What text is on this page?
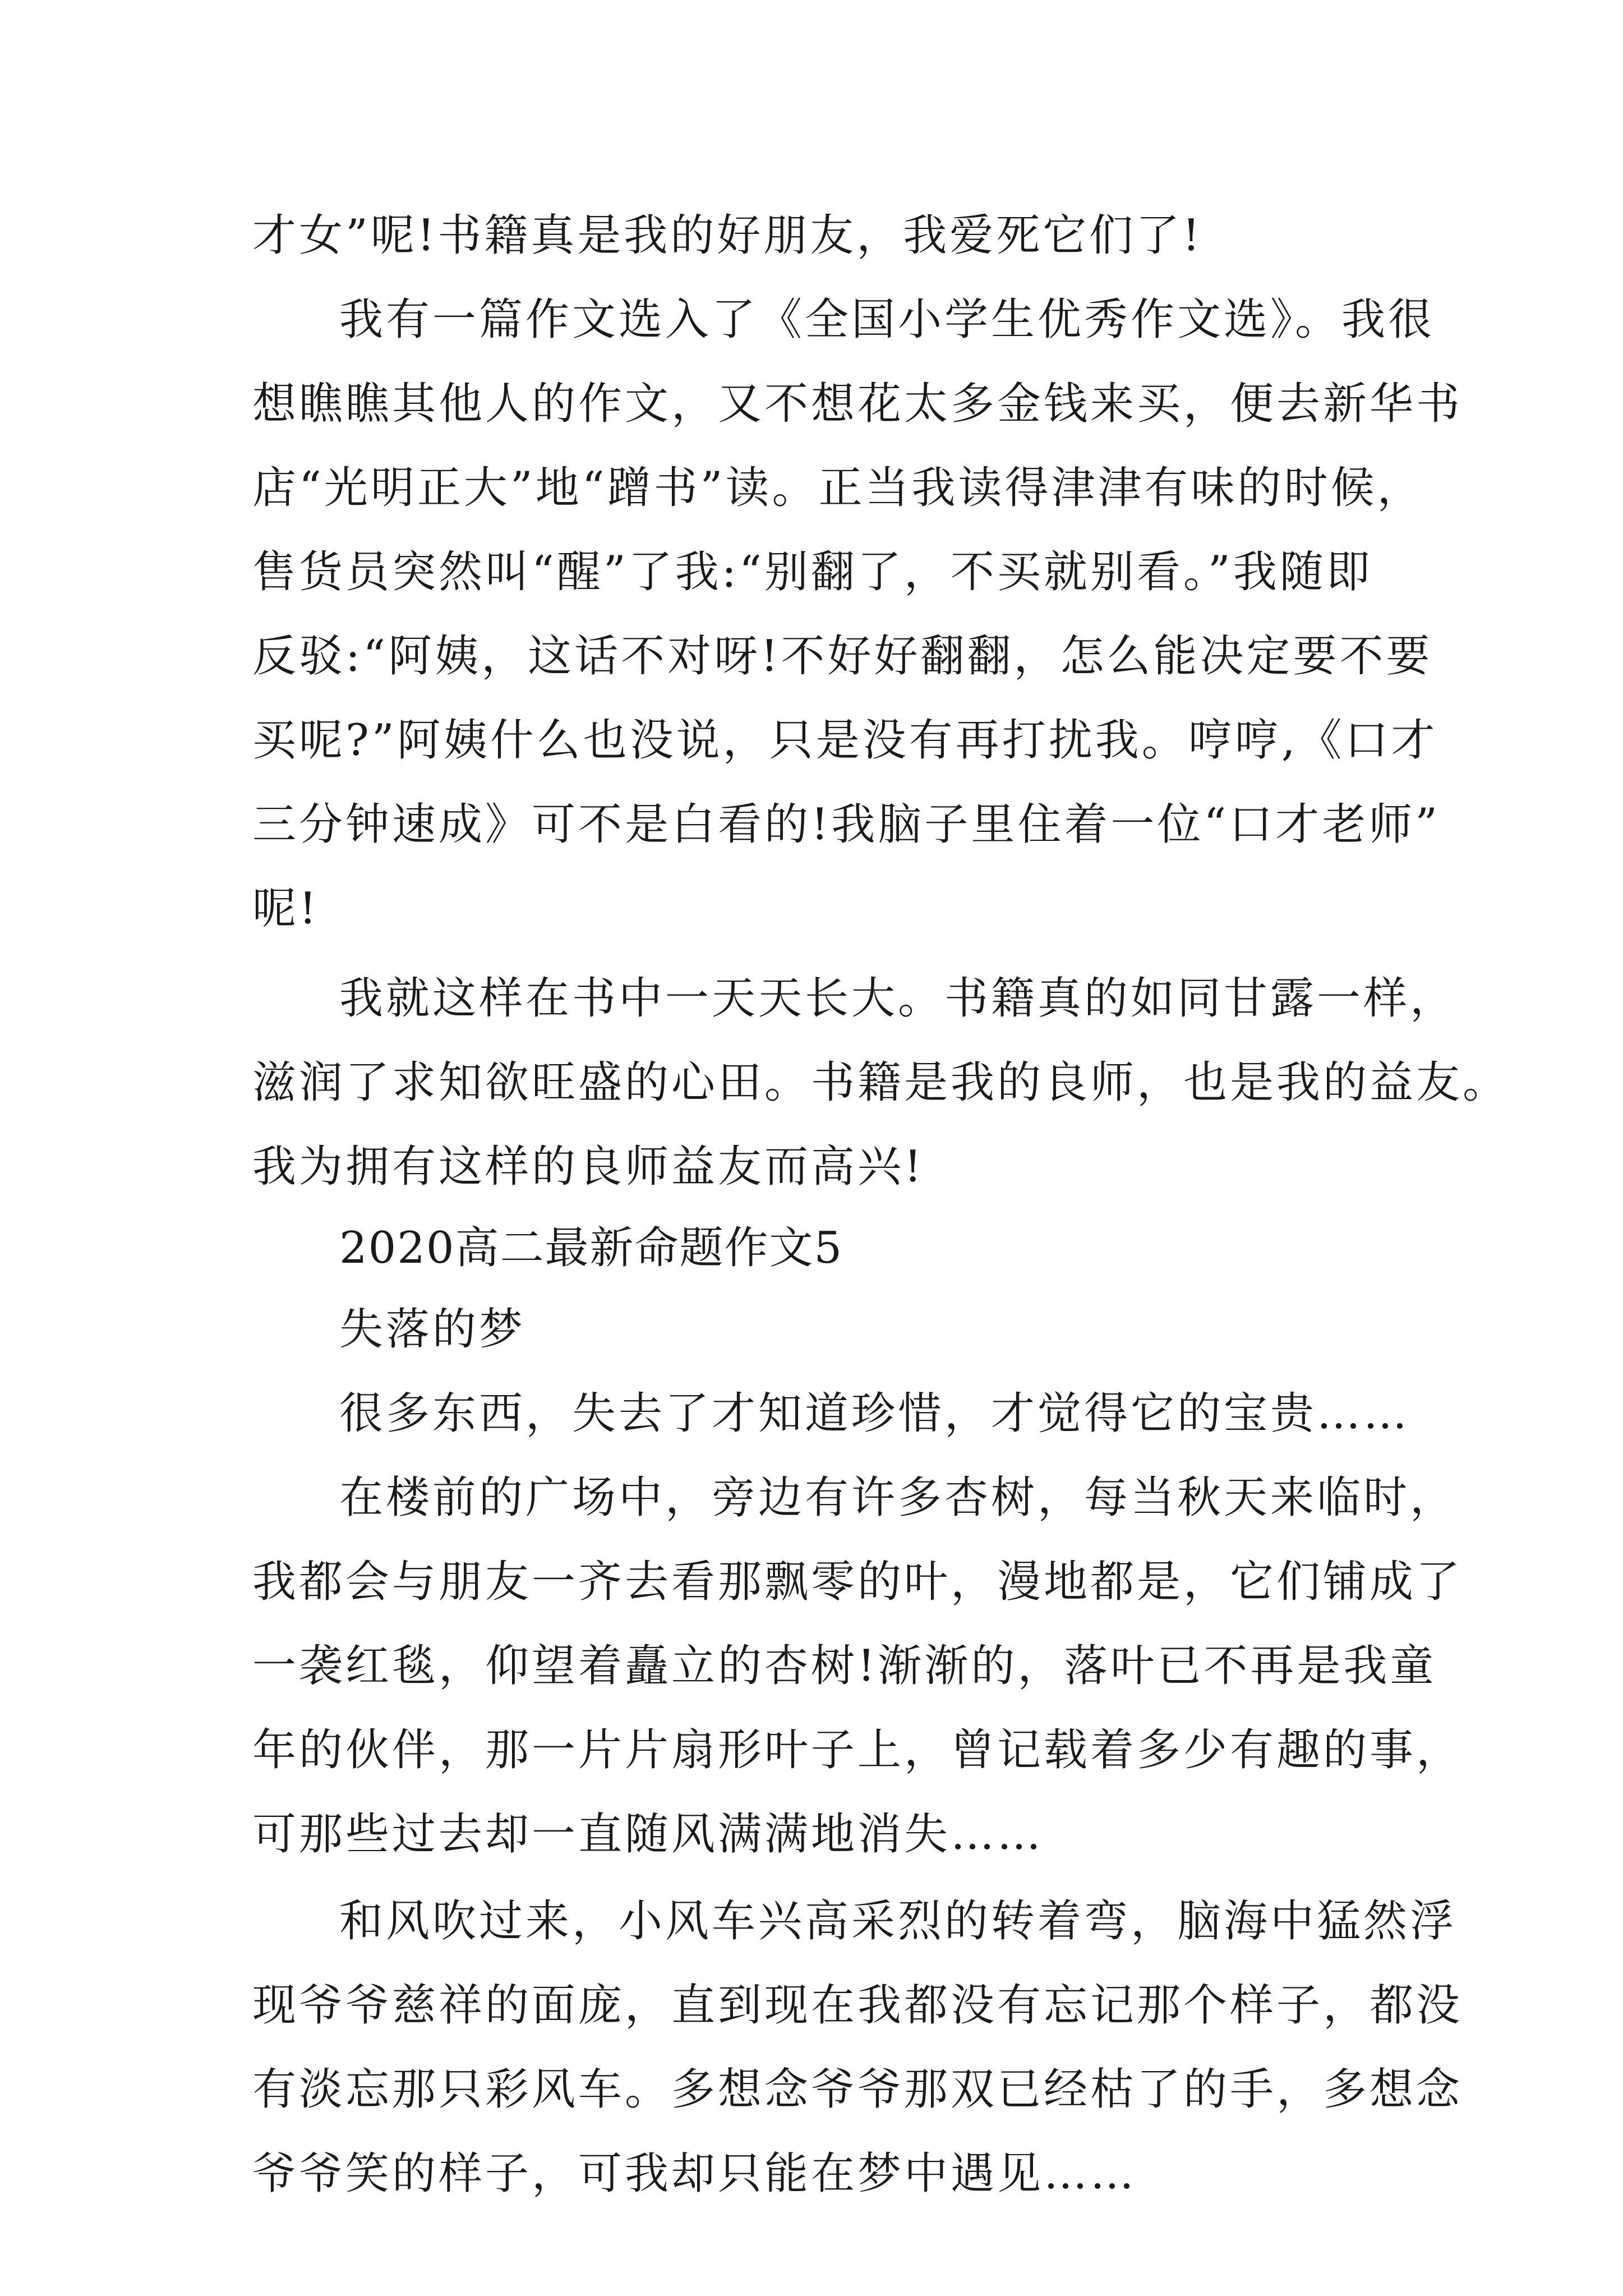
才女”呢!书籍真是我的好朋友，我爱死它们了!
我有一篇作文选入了《全国小学生优秀作文选》。我很
想瞧瞧其他人的作文，又不想花太多金钱来买，便去新华书
店“光明正大”地“蹭书”读。正当我读得津津有味的时候，
售货员突然叫“醒”了我:“别翻了，不买就别看。”我随即
反驳:“阿姨，这话不对呀!不好好翻翻，怎么能决定要不要
买呢?”阿姨什么也没说，只是没有再打扰我。哼哼,《口才
三分钟速成》可不是白看的!我脑子里住着一位“口才老师”
呢!
我就这样在书中一天天长大。书籍真的如同甘露一样，
滋润了求知欲旺盛的心田。书籍是我的良师，也是我的益友。
我为拥有这样的良师益友而高兴!
2020高二最新命题作文5
失落的梦
很多东西，失去了才知道珍惜，才觉得它的宝贵……
在楼前的广场中，旁边有许多杏树，每当秋天来临时，
我都会与朋友一齐去看那飘零的叶，漫地都是，它们铺成了
一袭红毯，仰望着矗立的杏树!渐渐的，落叶已不再是我童
年的伙伴，那一片片扇形叶子上，曾记载着多少有趣的事，
可那些过去却一直随风满满地消失……
和风吹过来，小风车兴高采烈的转着弯，脑海中猛然浮
现爷爷慈祥的面庞，直到现在我都没有忘记那个样子，都没
有淡忘那只彩风车。多想念爷爷那双已经枯了的手，多想念
爷爷笑的样子，可我却只能在梦中遇见……
